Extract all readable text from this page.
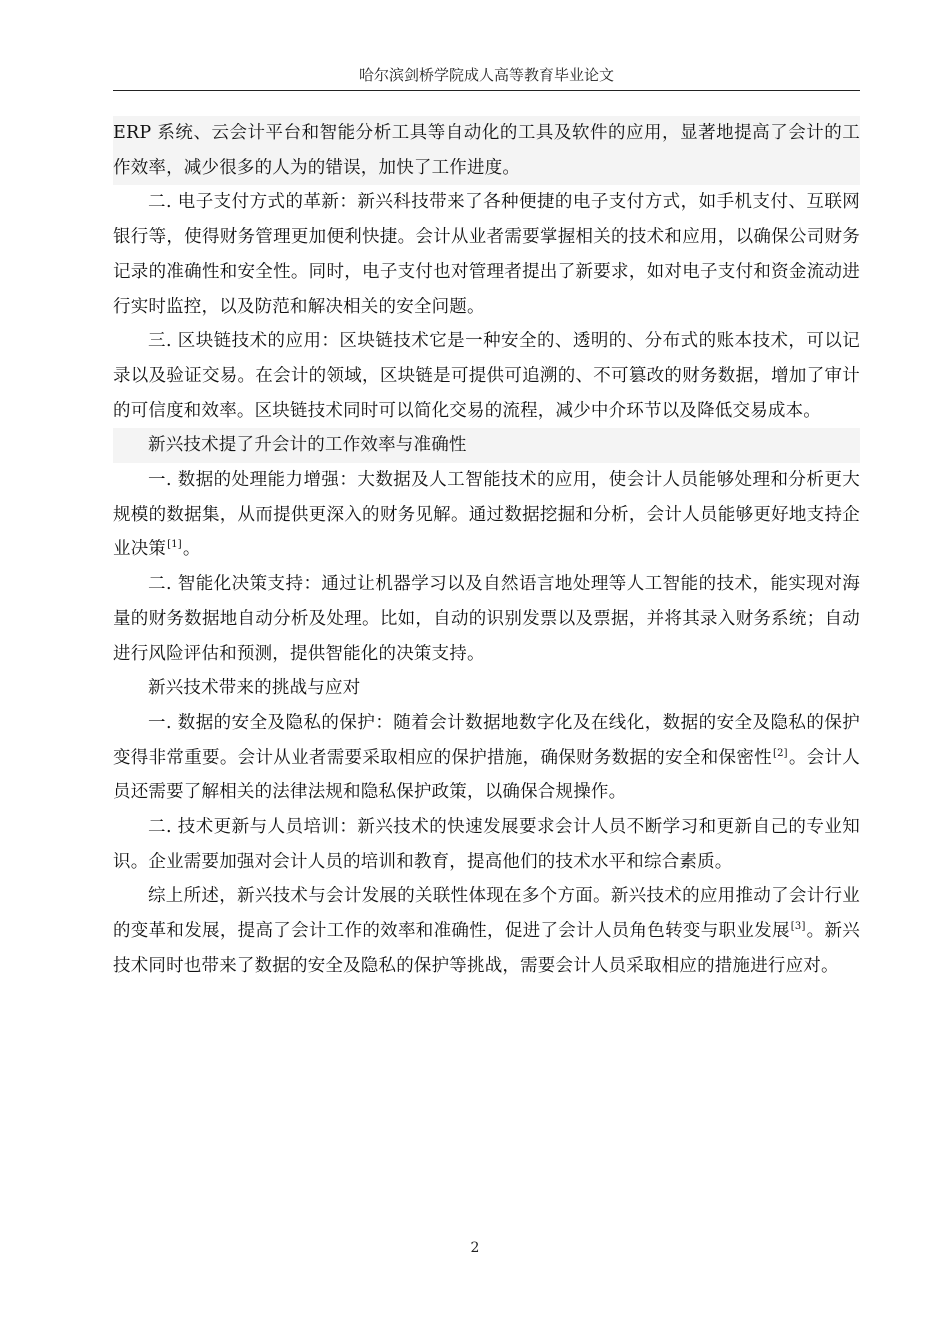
哈尔滨剑桥学院成人高等教育毕业论文

ERP 系统、云会计平台和智能分析工具等自动化的工具及软件的应用，显著地提高了会计的工作效率，减少很多的人为的错误，加快了工作进度。

二. 电子支付方式的革新：新兴科技带来了各种便捷的电子支付方式，如手机支付、互联网银行等，使得财务管理更加便利快捷。会计从业者需要掌握相关的技术和应用，以确保公司财务记录的准确性和安全性。同时，电子支付也对管理者提出了新要求，如对电子支付和资金流动进行实时监控，以及防范和解决相关的安全问题。

三. 区块链技术的应用：区块链技术它是一种安全的、透明的、分布式的账本技术，可以记录以及验证交易。在会计的领域，区块链是可提供可追溯的、不可篡改的财务数据，增加了审计的可信度和效率。区块链技术同时可以简化交易的流程，减少中介环节以及降低交易成本。

新兴技术提了升会计的工作效率与准确性

一. 数据的处理能力增强：大数据及人工智能技术的应用，使会计人员能够处理和分析更大规模的数据集，从而提供更深入的财务见解。通过数据挖掘和分析，会计人员能够更好地支持企业决策[1]。

二. 智能化决策支持：通过让机器学习以及自然语言地处理等人工智能的技术，能实现对海量的财务数据地自动分析及处理。比如，自动的识别发票以及票据，并将其录入财务系统；自动进行风险评估和预测，提供智能化的决策支持。

新兴技术带来的挑战与应对

一. 数据的安全及隐私的保护：随着会计数据地数字化及在线化，数据的安全及隐私的保护变得非常重要。会计从业者需要采取相应的保护措施，确保财务数据的安全和保密性[2]。会计人员还需要了解相关的法律法规和隐私保护政策，以确保合规操作。

二. 技术更新与人员培训：新兴技术的快速发展要求会计人员不断学习和更新自己的专业知识。企业需要加强对会计人员的培训和教育，提高他们的技术水平和综合素质。

综上所述，新兴技术与会计发展的关联性体现在多个方面。新兴技术的应用推动了会计行业的变革和发展，提高了会计工作的效率和准确性，促进了会计人员角色转变与职业发展[3]。新兴技术同时也带来了数据的安全及隐私的保护等挑战，需要会计人员采取相应的措施进行应对。

2
